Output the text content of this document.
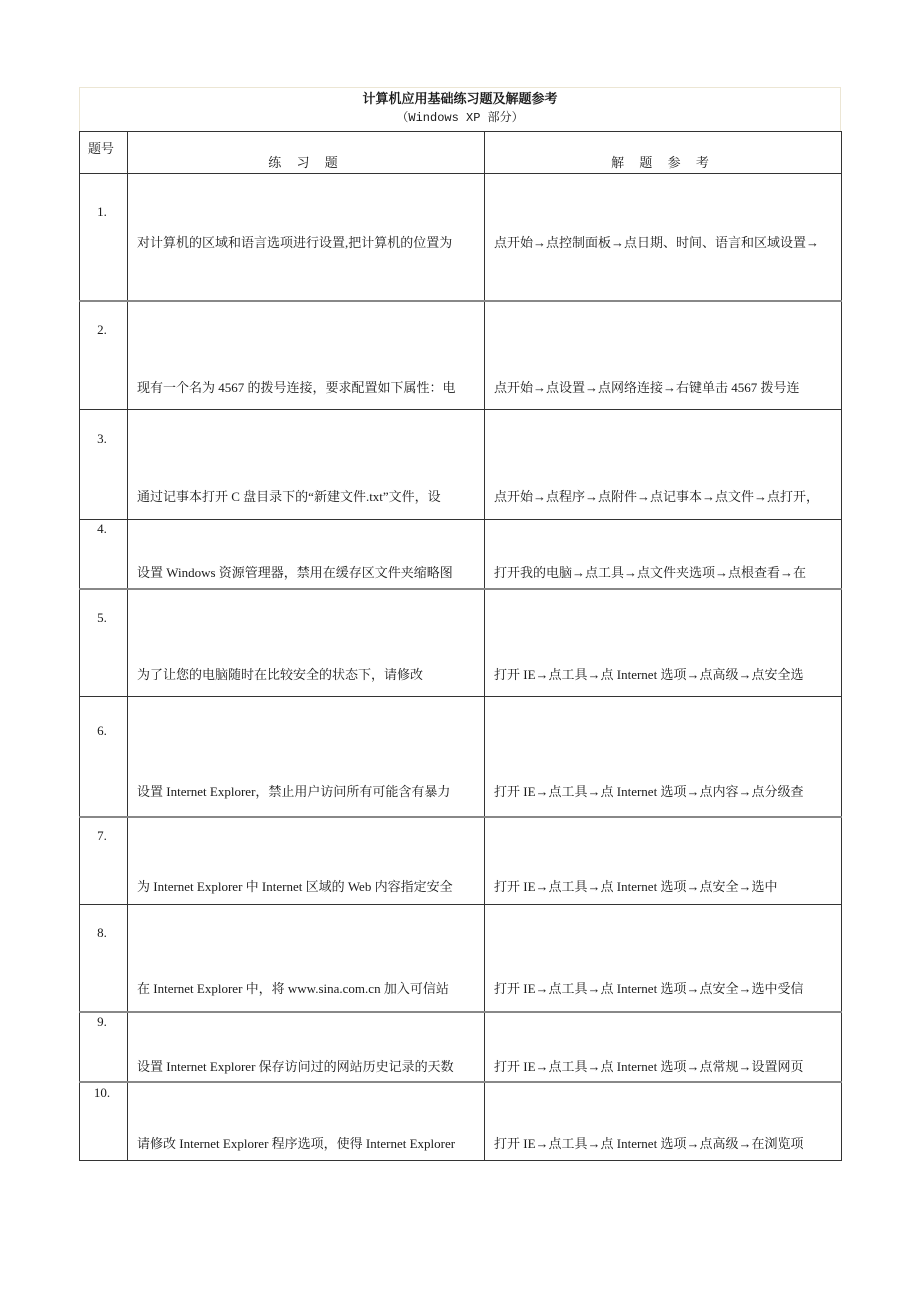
计算机应用基础练习题及解题参考
（Windows XP 部分）
题号	练 习 题	解 题 参 考

1.	对计算机的区域和语言选项进行设置,把计算机的位置为	点开始→点控制面板→点日期、时间、语言和区域设置→

2.	现有一个名为 4567 的拨号连接，要求配置如下属性：电	点开始→点设置→点网络连接→右键单击 4567 拨号连

3.	通过记事本打开 C 盘目录下的“新建文件.txt”文件，设	点开始→点程序→点附件→点记事本→点文件→点打开，

4.	设置 Windows 资源管理器，禁用在缓存区文件夹缩略图	打开我的电脑→点工具→点文件夹选项→点根查看→在

5.	为了让您的电脑随时在比较安全的状态下，请修改	打开 IE→点工具→点 Internet 选项→点高级→点安全选

6.	设置 Internet Explorer，禁止用户访问所有可能含有暴力	打开 IE→点工具→点 Internet 选项→点内容→点分级查

7.	为 Internet Explorer 中 Internet 区域的 Web 内容指定安全	打开 IE→点工具→点 Internet 选项→点安全→选中

8.	在 Internet Explorer 中，将 www.sina.com.cn 加入可信站	打开 IE→点工具→点 Internet 选项→点安全→选中受信

9.	设置 Internet Explorer 保存访问过的网站历史记录的天数	打开 IE→点工具→点 Internet 选项→点常规→设置网页

10.	请修改 Internet Explorer 程序选项，使得 Internet Explorer	打开 IE→点工具→点 Internet 选项→点高级→在浏览项
